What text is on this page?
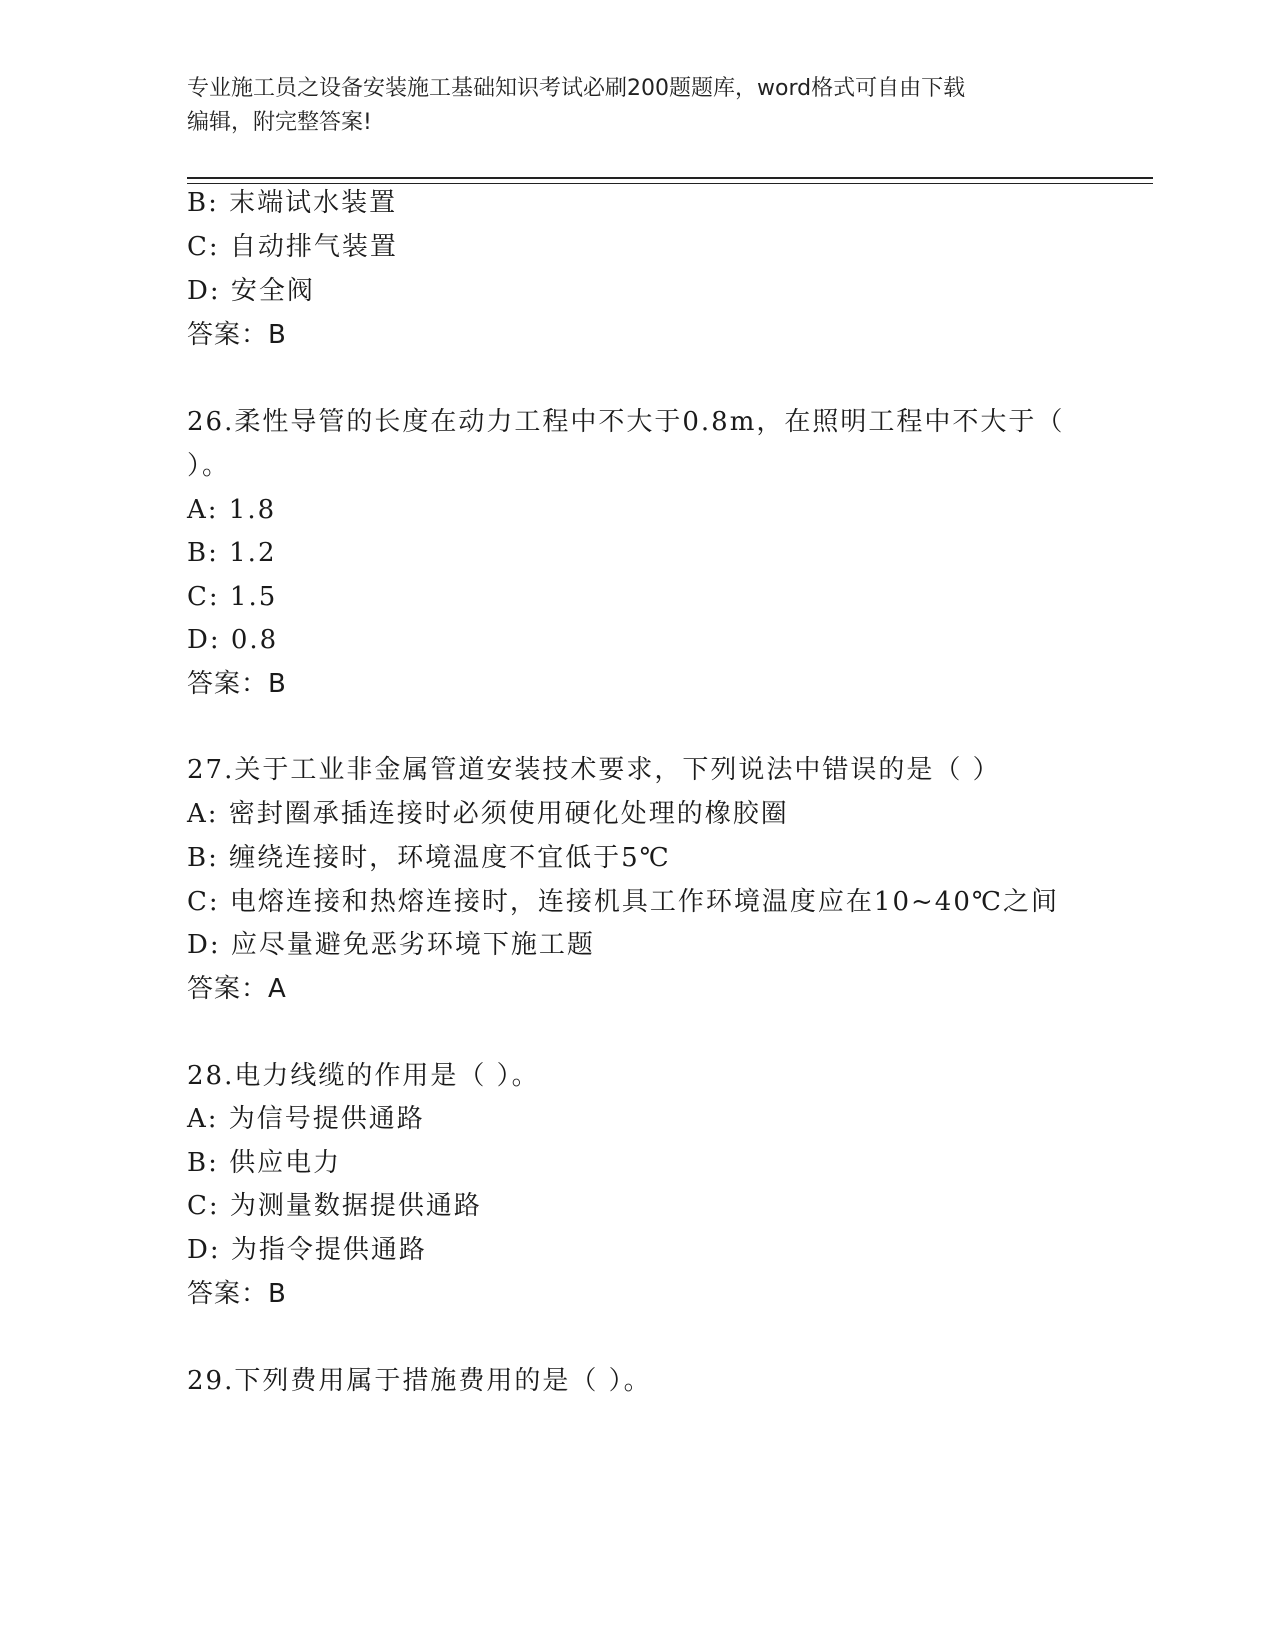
专业施工员之设备安装施工基础知识考试必刷200题题库，word格式可自由下载
编辑，附完整答案!
B: 末端试水装置
C: 自动排气装置
D: 安全阀
答案：B
26.柔性导管的长度在动力工程中不大于0.8m，在照明工程中不大于（
）。
A: 1.8
B: 1.2
C: 1.5
D: 0.8
答案：B
27.关于工业非金属管道安装技术要求，下列说法中错误的是（ ）
A: 密封圈承插连接时必须使用硬化处理的橡胶圈
B: 缠绕连接时，环境温度不宜低于5℃
C: 电熔连接和热熔连接时，连接机具工作环境温度应在10~40℃之间
D: 应尽量避免恶劣环境下施工题
答案：A
28.电力线缆的作用是（ ）。
A: 为信号提供通路
B: 供应电力
C: 为测量数据提供通路
D: 为指令提供通路
答案：B
29.下列费用属于措施费用的是（ ）。
